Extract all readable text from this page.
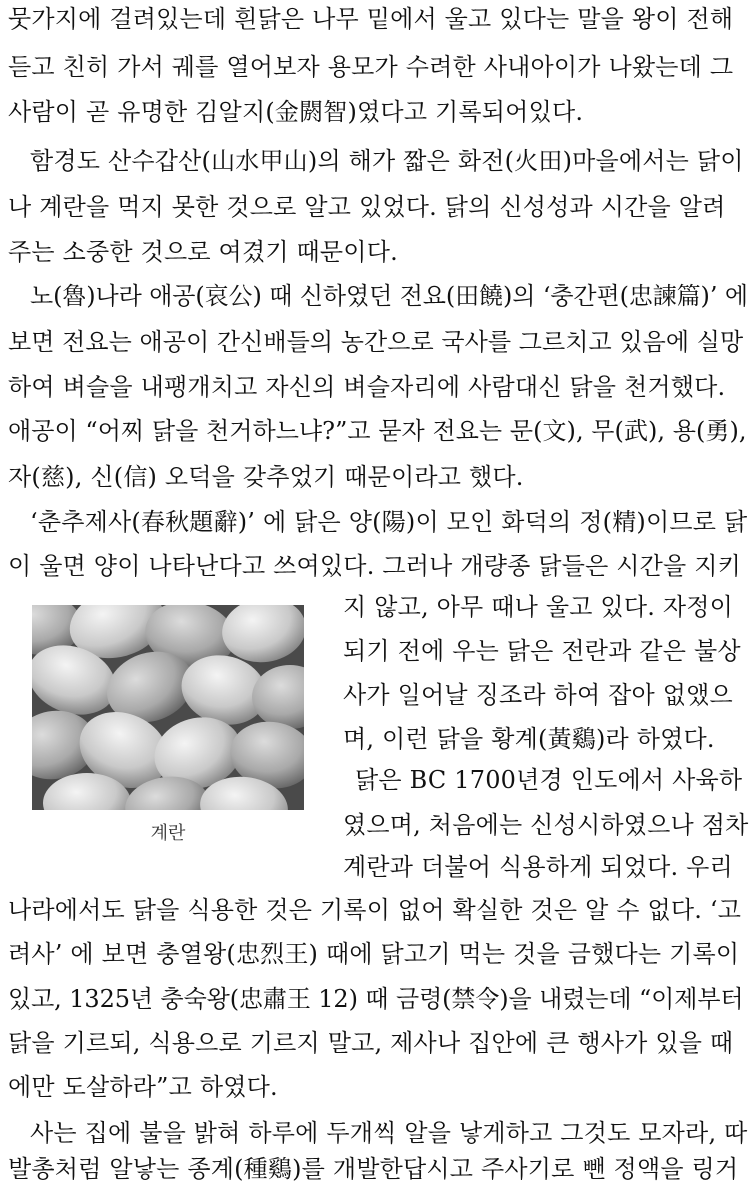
뭇가지에 걸려있는데 흰닭은 나무 밑에서 울고 있다는 말을 왕이 전해
듣고 친히 가서 궤를 열어보자 용모가 수려한 사내아이가 나왔는데 그
사람이 곧 유명한 김알지(金閼智)였다고 기록되어있다.
함경도 산수갑산(山水甲山)의 해가 짧은 화전(火田)마을에서는 닭이
나 계란을 먹지 못한 것으로 알고 있었다. 닭의 신성성과 시간을 알려
주는 소중한 것으로 여겼기 때문이다.
노(魯)나라 애공(哀公) 때 신하였던 전요(田饒)의 ‘충간편(忠諫篇)’ 에
보면 전요는 애공이 간신배들의 농간으로 국사를 그르치고 있음에 실망
하여 벼슬을 내팽개치고 자신의 벼슬자리에 사람대신 닭을 천거했다.
애공이 “어찌 닭을 천거하느냐?”고 묻자 전요는 문(文), 무(武), 용(勇),
자(慈), 신(信) 오덕을 갖추었기 때문이라고 했다.
‘춘추제사(春秋題辭)’ 에 닭은 양(陽)이 모인 화덕의 정(精)이므로 닭
이 울면 양이 나타난다고 쓰여있다. 그러나 개량종 닭들은 시간을 지키
계란
지 않고, 아무 때나 울고 있다. 자정이
되기 전에 우는 닭은 전란과 같은 불상
사가 일어날 징조라 하여 잡아 없앴으
며, 이런 닭을 황계(黃鷄)라 하였다.
닭은 BC 1700년경 인도에서 사육하
였으며, 처음에는 신성시하였으나 점차
계란과 더불어 식용하게 되었다. 우리
나라에서도 닭을 식용한 것은 기록이 없어 확실한 것은 알 수 없다. ‘고
려사’ 에 보면 충열왕(忠烈王) 때에 닭고기 먹는 것을 금했다는 기록이
있고, 1325년 충숙왕(忠肅王 12) 때 금령(禁令)을 내렸는데 “이제부터
닭을 기르되, 식용으로 기르지 말고, 제사나 집안에 큰 행사가 있을 때
에만 도살하라”고 하였다.
사는 집에 불을 밝혀 하루에 두개씩 알을 낳게하고 그것도 모자라, 따
발총처럼 알낳는 종계(種鷄)를 개발한답시고 주사기로 뺀 정액을 링거
